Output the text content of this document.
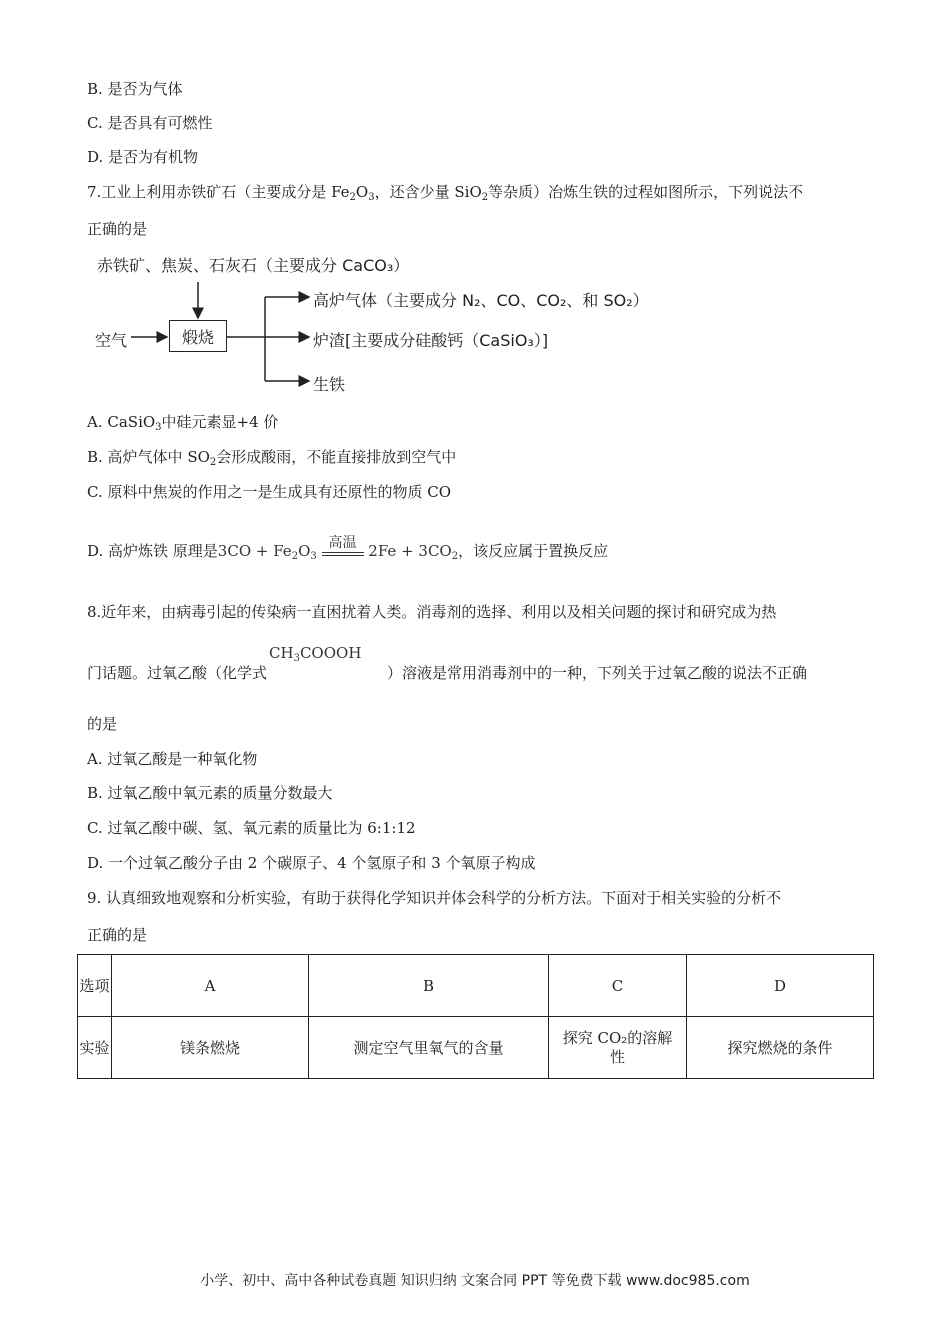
B. 是否为气体
C. 是否具有可燃性
D. 是否为有机物
7.工业上利用赤铁矿石（主要成分是 $Fe_2O_3$，还含少量 SiO$_2$等杂质）冶炼生铁的过程如图所示，下列说法不
正确的是
赤铁矿、焦炭、石灰石（主要成分 CaCO₃）
空气	煅烧
高炉气体（主要成分 N₂、CO、CO₂、和 SO₂）
炉渣[主要成分硅酸钙（CaSiO₃）]
生铁
A. CaSiO$_3$中硅元素显+4 价
B. 高炉气体中 $SO_2$会形成酸雨，不能直接排放到空气中
C. 原料中焦炭的作用之一是生成具有还原性的物质 CO
D. 高炉炼铁 原理是$3CO + Fe_2O_3$
高温 $2Fe + 3CO_2$，该反应属于置换反应
8.近年来，由病毒引起的传染病一直困扰着人类。消毒剂的选择、利用以及相关问题的探讨和研究成为热
门话题。过氧乙酸（化学式
$CH_3COOOH$
）溶液是常用消毒剂中的一种，下列关于过氧乙酸的说法不正确
的是
A. 过氧乙酸是一种氧化物
B. 过氧乙酸中氧元素的质量分数最大
C. 过氧乙酸中碳、氢、氧元素的质量比为 6:1:12
D. 一个过氧乙酸分子由 2 个碳原子、4 个氢原子和 3 个氧原子构成
9. 认真细致地观察和分析实验，有助于获得化学知识并体会科学的分析方法。下面对于相关实验的分析不
正确的是
选项	A	B	C	D
实验	镁条燃烧	测定空气里氧气的含量	探究 CO₂的溶解性	探究燃烧的条件
小学、初中、高中各种试卷真题 知识归纳 文案合同 PPT 等免费下载 www.doc985.com
